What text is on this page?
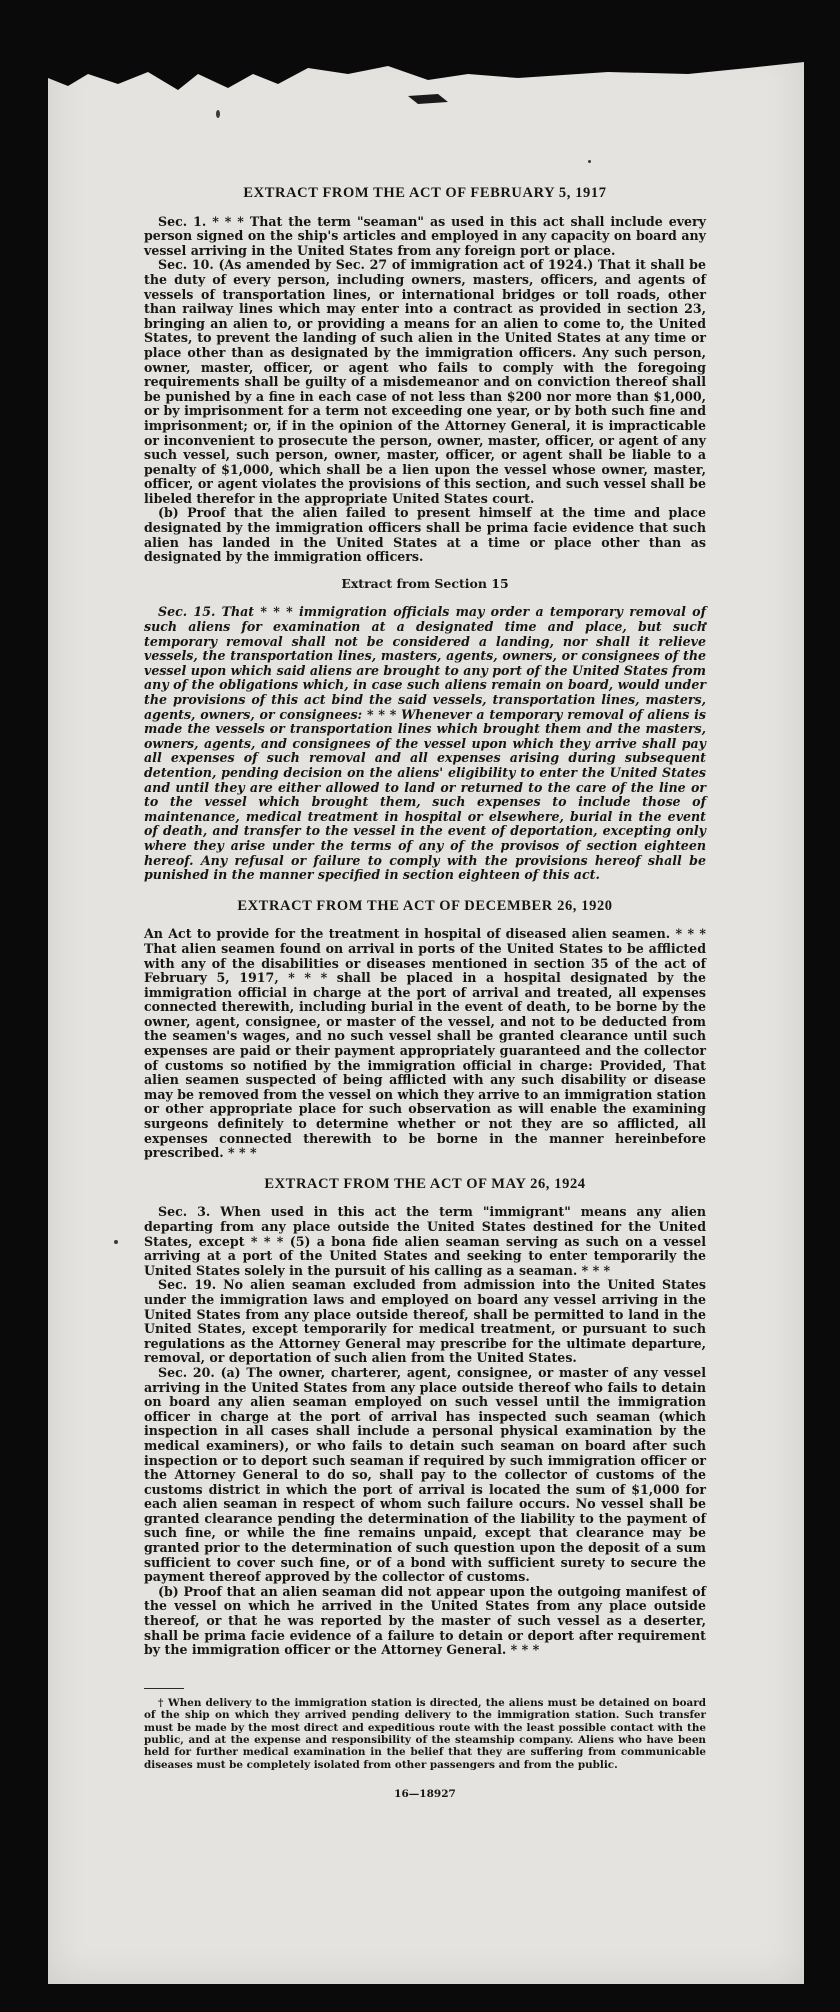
EXTRACT FROM THE ACT OF FEBRUARY 5, 1917

Sec. 1. * * * That the term "seaman" as used in this act shall include every person signed on the ship's articles and employed in any capacity on board any vessel arriving in the United States from any foreign port or place.

Sec. 10. (As amended by Sec. 27 of immigration act of 1924.) That it shall be the duty of every person, including owners, masters, officers, and agents of vessels of transportation lines, or international bridges or toll roads, other than railway lines which may enter into a contract as provided in section 23, bringing an alien to, or providing a means for an alien to come to, the United States, to prevent the landing of such alien in the United States at any time or place other than as designated by the immigration officers. Any such person, owner, master, officer, or agent who fails to comply with the foregoing requirements shall be guilty of a misdemeanor and on conviction thereof shall be punished by a fine in each case of not less than $200 nor more than $1,000, or by imprisonment for a term not exceeding one year, or by both such fine and imprisonment; or, if in the opinion of the Attorney General, it is impracticable or inconvenient to prosecute the person, owner, master, officer, or agent of any such vessel, such person, owner, master, officer, or agent shall be liable to a penalty of $1,000, which shall be a lien upon the vessel whose owner, master, officer, or agent violates the provisions of this section, and such vessel shall be libeled therefor in the appropriate United States court.

(b) Proof that the alien failed to present himself at the time and place designated by the immigration officers shall be prima facie evidence that such alien has landed in the United States at a time or place other than as designated by the immigration officers.

Extract from Section 15

Sec. 15. That * * * immigration officials may order a temporary removal of such aliens for examination at a designated time and place, but such temporary removal shall not be considered a landing, nor shall it relieve vessels, the transportation lines, masters, agents, owners, or consignees of the vessel upon which said aliens are brought to any port of the United States from any of the obligations which, in case such aliens remain on board, would under the provisions of this act bind the said vessels, transportation lines, masters, agents, owners, or consignees: * * * Whenever a temporary removal of aliens is made the vessels or transportation lines which brought them and the masters, owners, agents, and consignees of the vessel upon which they arrive shall pay all expenses of such removal and all expenses arising during subsequent detention, pending decision on the aliens' eligibility to enter the United States and until they are either allowed to land or returned to the care of the line or to the vessel which brought them, such expenses to include those of maintenance, medical treatment in hospital or elsewhere, burial in the event of death, and transfer to the vessel in the event of deportation, excepting only where they arise under the terms of any of the provisos of section eighteen hereof. Any refusal or failure to comply with the provisions hereof shall be punished in the manner specified in section eighteen of this act.

EXTRACT FROM THE ACT OF DECEMBER 26, 1920

An Act to provide for the treatment in hospital of diseased alien seamen. * * * That alien seamen found on arrival in ports of the United States to be afflicted with any of the disabilities or diseases mentioned in section 35 of the act of February 5, 1917, * * * shall be placed in a hospital designated by the immigration official in charge at the port of arrival and treated, all expenses connected therewith, including burial in the event of death, to be borne by the owner, agent, consignee, or master of the vessel, and not to be deducted from the seamen's wages, and no such vessel shall be granted clearance until such expenses are paid or their payment appropriately guaranteed and the collector of customs so notified by the immigration official in charge: Provided, That alien seamen suspected of being afflicted with any such disability or disease may be removed from the vessel on which they arrive to an immigration station or other appropriate place for such observation as will enable the examining surgeons definitely to determine whether or not they are so afflicted, all expenses connected therewith to be borne in the manner hereinbefore prescribed. * * *

EXTRACT FROM THE ACT OF MAY 26, 1924

Sec. 3. When used in this act the term "immigrant" means any alien departing from any place outside the United States destined for the United States, except * * * (5) a bona fide alien seaman serving as such on a vessel arriving at a port of the United States and seeking to enter temporarily the United States solely in the pursuit of his calling as a seaman. * * *

Sec. 19. No alien seaman excluded from admission into the United States under the immigration laws and employed on board any vessel arriving in the United States from any place outside thereof, shall be permitted to land in the United States, except temporarily for medical treatment, or pursuant to such regulations as the Attorney General may prescribe for the ultimate departure, removal, or deportation of such alien from the United States.

Sec. 20. (a) The owner, charterer, agent, consignee, or master of any vessel arriving in the United States from any place outside thereof who fails to detain on board any alien seaman employed on such vessel until the immigration officer in charge at the port of arrival has inspected such seaman (which inspection in all cases shall include a personal physical examination by the medical examiners), or who fails to detain such seaman on board after such inspection or to deport such seaman if required by such immigration officer or the Attorney General to do so, shall pay to the collector of customs of the customs district in which the port of arrival is located the sum of $1,000 for each alien seaman in respect of whom such failure occurs. No vessel shall be granted clearance pending the determination of the liability to the payment of such fine, or while the fine remains unpaid, except that clearance may be granted prior to the determination of such question upon the deposit of a sum sufficient to cover such fine, or of a bond with sufficient surety to secure the payment thereof approved by the collector of customs.

(b) Proof that an alien seaman did not appear upon the outgoing manifest of the vessel on which he arrived in the United States from any place outside thereof, or that he was reported by the master of such vessel as a deserter, shall be prima facie evidence of a failure to detain or deport after requirement by the immigration officer or the Attorney General. * * *

† When delivery to the immigration station is directed, the aliens must be detained on board of the ship on which they arrived pending delivery to the immigration station. Such transfer must be made by the most direct and expeditious route with the least possible contact with the public, and at the expense and responsibility of the steamship company. Aliens who have been held for further medical examination in the belief that they are suffering from communicable diseases must be completely isolated from other passengers and from the public.
16—18927
